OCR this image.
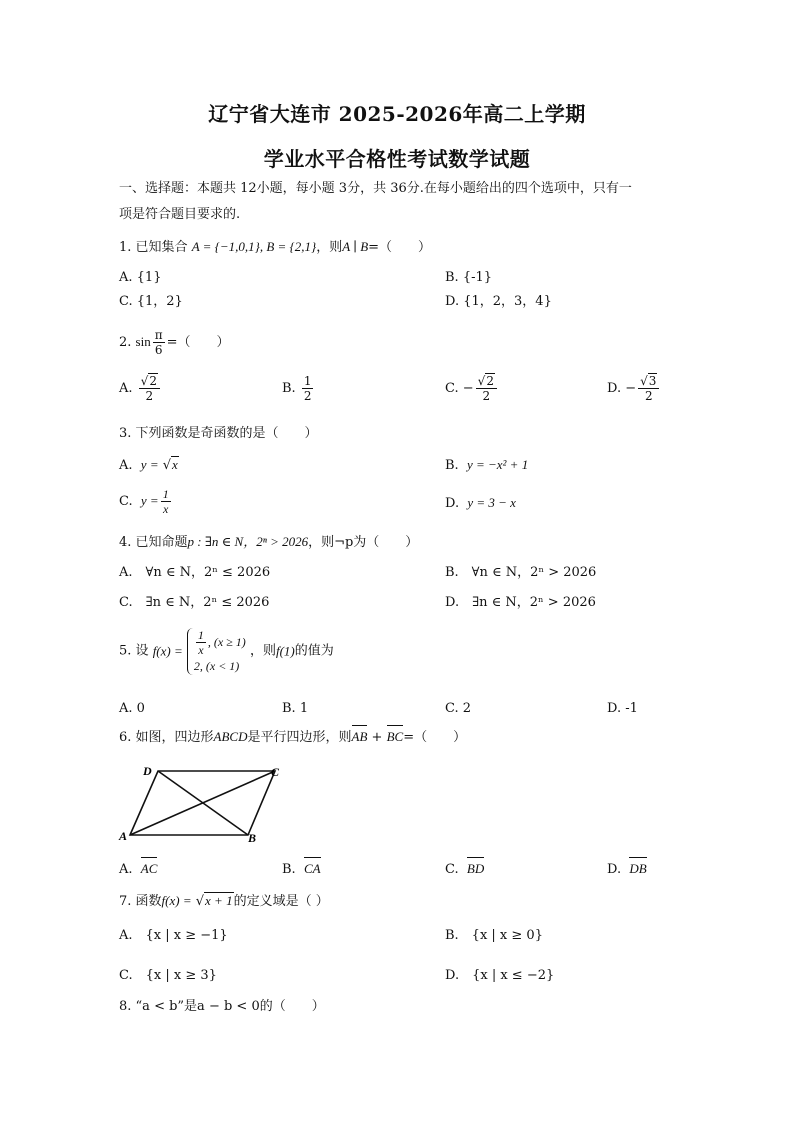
辽宁省大连市 2025-2026年高二上学期
学业水平合格性考试数学试题
一、选择题：本题共 12小题，每小题 3分，共 36分.在每小题给出的四个选项中，只有一
项是符合题目要求的.
1. 已知集合 A = {−1,0,1}, B = {2,1}，则A ∣ B=（　　）
A. {1}	B. {-1}
C. {1，2}	D. {1，2，3，4}
2. $\sin \frac{\pi}{6}$ =（　　）
A. $\frac{√2}{2}$	B. $\frac{1}{2}$	C. − $\frac{√2}{2}$	D. − $\frac{√3}{2}$
3. 下列函数是奇函数的是（　　）
A. y = √x	B. y = −x² + 1
C. $y = \frac{1}{x}$	D. y = 3 − x
4. 已知命题p : ∃n ∈ N，2ⁿ > 2026，则¬p为（　　）
A.　∀n ∈ N，2ⁿ ≤ 2026	B.　∀n ∈ N，2ⁿ > 2026
C.　∃n ∈ N，2ⁿ ≤ 2026	D.　∃n ∈ N，2ⁿ > 2026
5. 设 $f(x) = \frac{1}{x}$ , (x ≥ 1)
2, (x < 1) ，则f(1)的值为
A. 0	B. 1	C. 2	D. -1
6. 如图，四边形ABCD是平行四边形，则AB + BC=（　　）
D	C
A	B
A. AC	B. CA	C. BD	D. DB
7. 函数f(x) = √x + 1的定义域是（ ）
A.　{x | x ≥ −1}	B.　{x | x ≥ 0}
C.　{x | x ≥ 3}	D.　{x | x ≤ −2}
8. “a < b”是a − b < 0的（　　）
